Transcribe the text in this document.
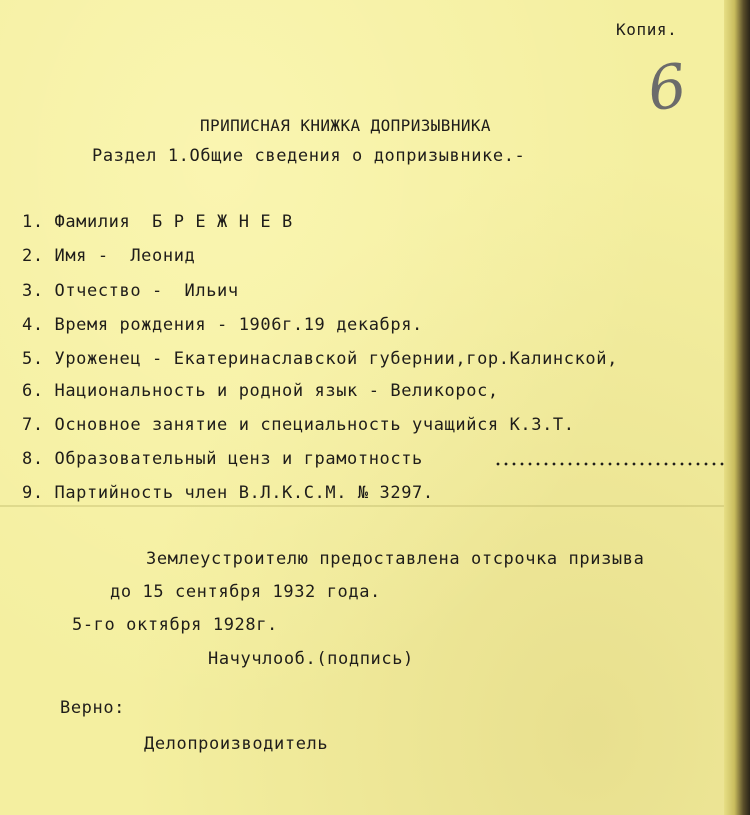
Копия.
6
ПРИПИСНАЯ КНИЖКА ДОПРИЗЫВНИКА
Раздел 1.Общие сведения о допризывнике.-
1. Фамилия  Б Р Е Ж Н Е В
2. Имя -  Леонид
3. Отчество -  Ильич
4. Время рождения - 1906г.19 декабря.
5. Уроженец - Екатеринаславской губернии,гор.Калинской,
6. Национальность и родной язык - Великорос,
7. Основное занятие и специальность учащийся К.З.Т.
8. Образовательный ценз и грамотность
9. Партийность член В.Л.К.С.М. № 3297.
Землеустроителю предоставлена отсрочка призыва
до 15 сентября 1932 года.
5-го октября 1928г.
Начучлооб.(подпись)
Верно:
Делопроизводитель
